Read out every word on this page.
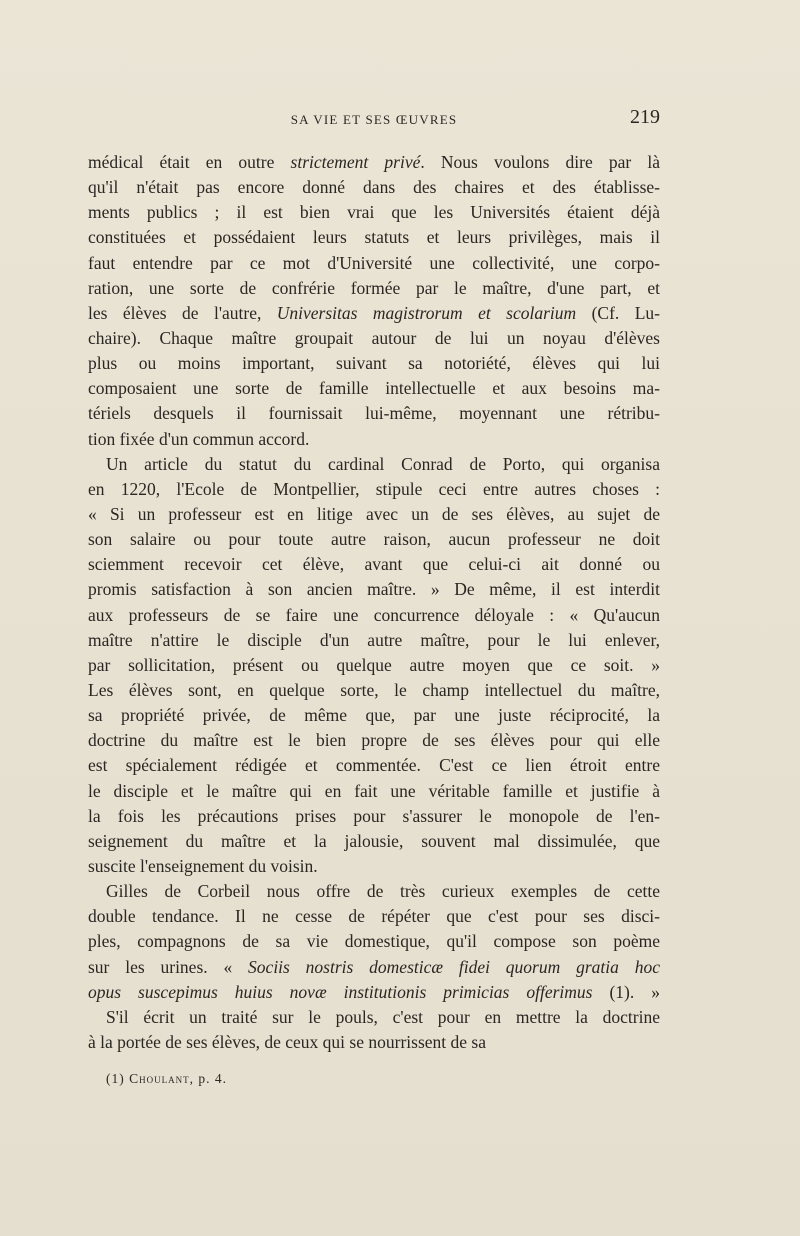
SA VIE ET SES ŒUVRES	219
médical était en outre strictement privé. Nous voulons dire par là
qu'il n'était pas encore donné dans des chaires et des établisse-
ments publics ; il est bien vrai que les Universités étaient déjà
constituées et possédaient leurs statuts et leurs privilèges, mais il
faut entendre par ce mot d'Université une collectivité, une corpo-
ration, une sorte de confrérie formée par le maître, d'une part, et
les élèves de l'autre, Universitas magistrorum et scolarium (Cf. Lu-
chaire). Chaque maître groupait autour de lui un noyau d'élèves
plus ou moins important, suivant sa notoriété, élèves qui lui
composaient une sorte de famille intellectuelle et aux besoins ma-
tériels desquels il fournissait lui-même, moyennant une rétribu-
tion fixée d'un commun accord.
Un article du statut du cardinal Conrad de Porto, qui organisa
en 1220, l'Ecole de Montpellier, stipule ceci entre autres choses :
« Si un professeur est en litige avec un de ses élèves, au sujet de
son salaire ou pour toute autre raison, aucun professeur ne doit
sciemment recevoir cet élève, avant que celui-ci ait donné ou
promis satisfaction à son ancien maître. » De même, il est interdit
aux professeurs de se faire une concurrence déloyale : « Qu'aucun
maître n'attire le disciple d'un autre maître, pour le lui enlever,
par sollicitation, présent ou quelque autre moyen que ce soit. »
Les élèves sont, en quelque sorte, le champ intellectuel du maître,
sa propriété privée, de même que, par une juste réciprocité, la
doctrine du maître est le bien propre de ses élèves pour qui elle
est spécialement rédigée et commentée. C'est ce lien étroit entre
le disciple et le maître qui en fait une véritable famille et justifie à
la fois les précautions prises pour s'assurer le monopole de l'en-
seignement du maître et la jalousie, souvent mal dissimulée, que
suscite l'enseignement du voisin.
Gilles de Corbeil nous offre de très curieux exemples de cette
double tendance. Il ne cesse de répéter que c'est pour ses disci-
ples, compagnons de sa vie domestique, qu'il compose son poème
sur les urines. « Sociis nostris domesticæ fidei quorum gratia hoc
opus suscepimus huius novæ institutionis primicias offerimus (1). »
S'il écrit un traité sur le pouls, c'est pour en mettre la doctrine
à la portée de ses élèves, de ceux qui se nourrissent de sa
(1) Choulant, p. 4.
